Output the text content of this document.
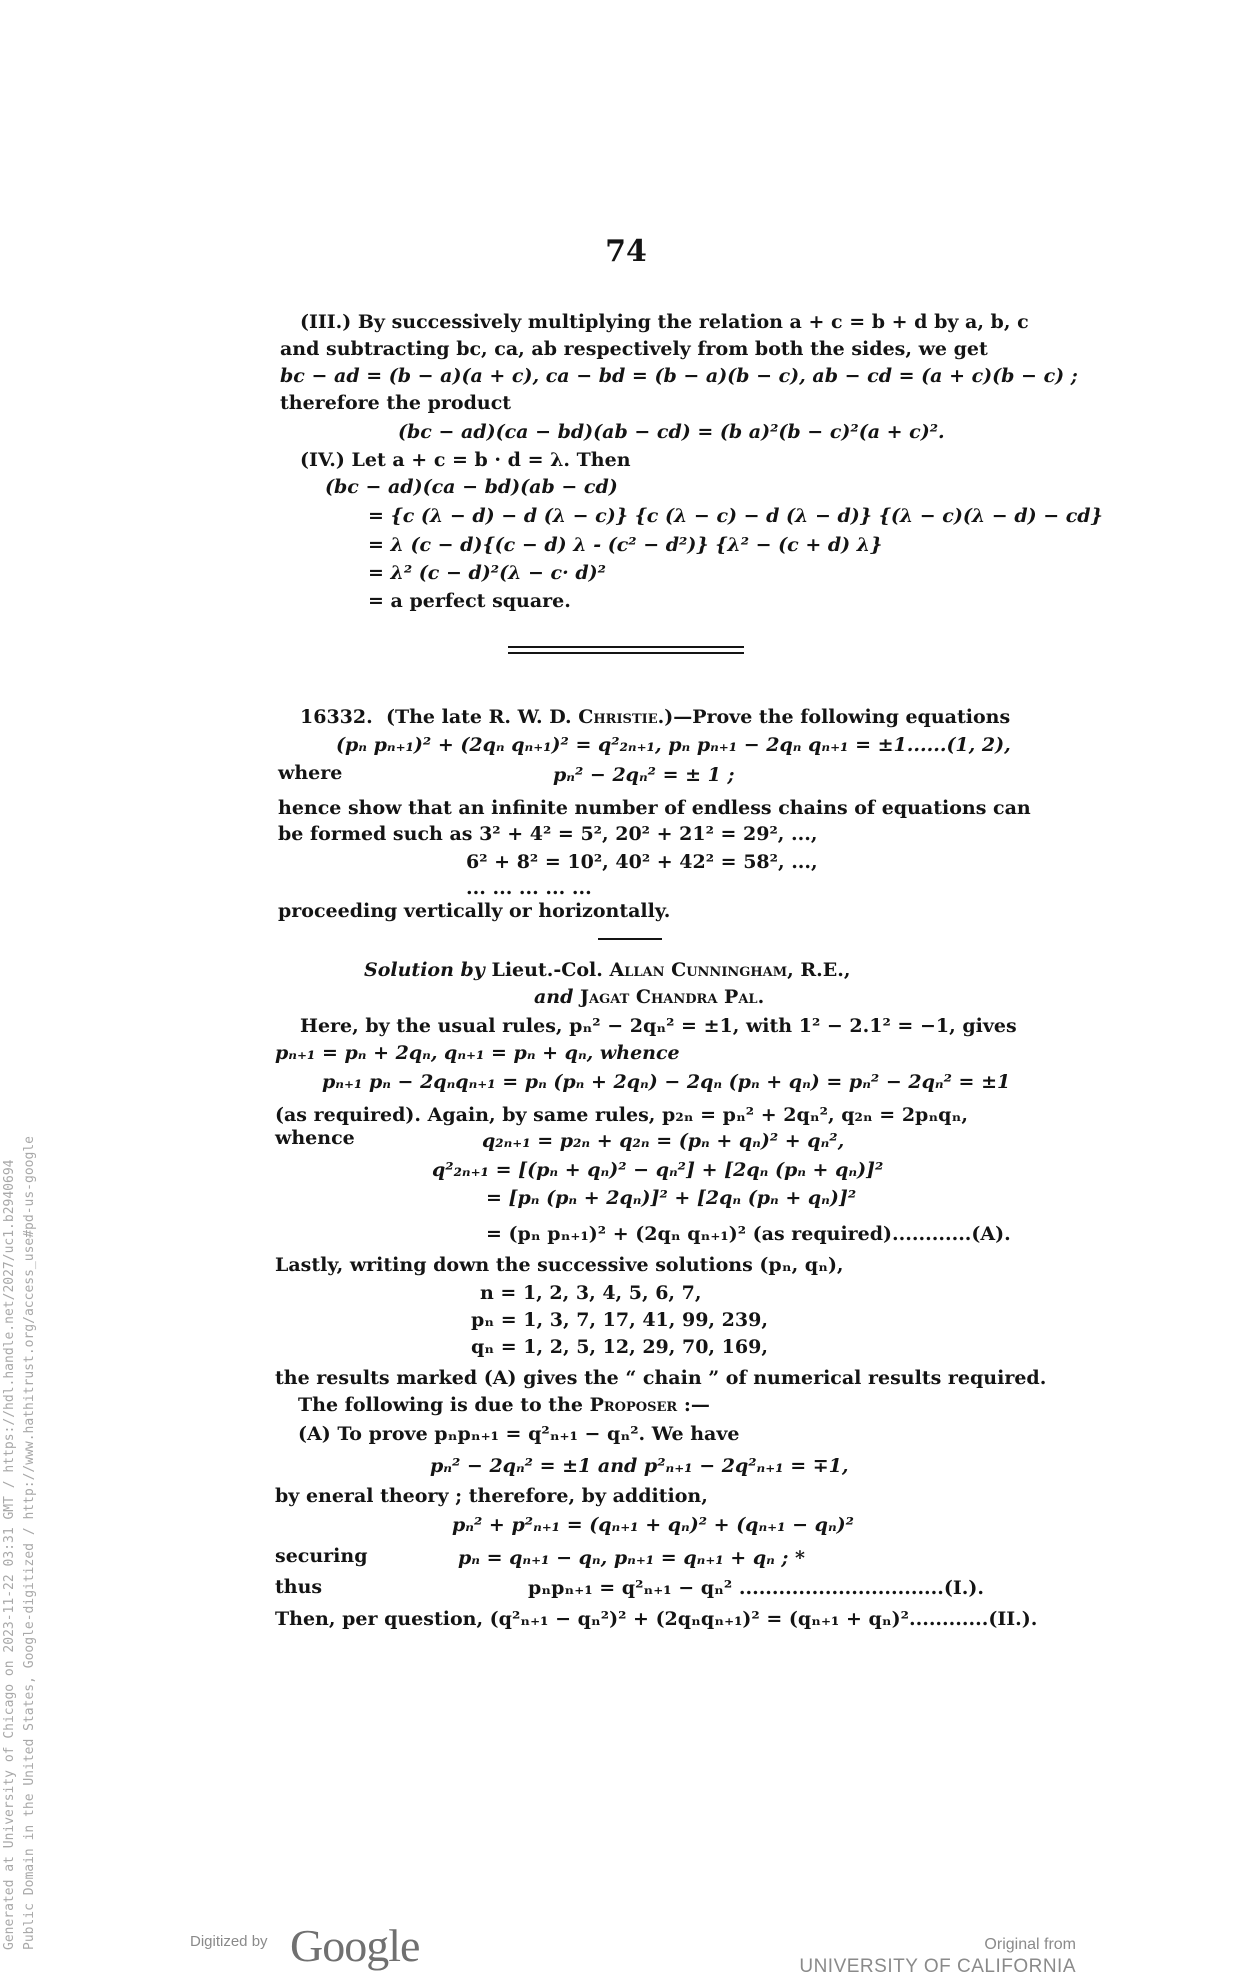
74
(III.) By successively multiplying the relation a + c = b + d by a, b, c
and subtracting bc, ca, ab respectively from both the sides, we get
bc − ad = (b − a)(a + c), ca − bd = (b − a)(b − c), ab − cd = (a + c)(b − c) ;
therefore the product
(bc − ad)(ca − bd)(ab − cd) = (b a)²(b − c)²(a + c)².
(IV.) Let a + c = b · d = λ. Then
(bc − ad)(ca − bd)(ab − cd)
= {c (λ − d) − d (λ − c)} {c (λ − c) − d (λ − d)} {(λ − c)(λ − d) − cd}
= λ (c − d){(c − d) λ - (c² − d²)} {λ² − (c + d) λ}
= λ² (c − d)²(λ − c· d)²
= a perfect square.
16332. (The late R. W. D. Christie.)—Prove the following equations
(pₙ pₙ₊₁)² + (2qₙ qₙ₊₁)² = q²₂ₙ₊₁, pₙ pₙ₊₁ − 2qₙ qₙ₊₁ = ±1......(1, 2),
where	pₙ² − 2qₙ² = ± 1 ;
hence show that an infinite number of endless chains of equations can
be formed such as 3² + 4² = 5², 20² + 21² = 29², ...,
6² + 8² = 10², 40² + 42² = 58², ...,
... ... ... ... ...
proceeding vertically or horizontally.
Solution by Lieut.-Col. Allan Cunningham, R.E.,
and Jagat Chandra Pal.
Here, by the usual rules, pₙ² − 2qₙ² = ±1, with 1² − 2.1² = −1, gives
pₙ₊₁ = pₙ + 2qₙ, qₙ₊₁ = pₙ + qₙ, whence
pₙ₊₁ pₙ − 2qₙqₙ₊₁ = pₙ (pₙ + 2qₙ) − 2qₙ (pₙ + qₙ) = pₙ² − 2qₙ² = ±1
(as required). Again, by same rules, p₂ₙ = pₙ² + 2qₙ², q₂ₙ = 2pₙqₙ,
whence	q₂ₙ₊₁ = p₂ₙ + q₂ₙ = (pₙ + qₙ)² + qₙ²,
q²₂ₙ₊₁ = [(pₙ + qₙ)² − qₙ²] + [2qₙ (pₙ + qₙ)]²
= [pₙ (pₙ + 2qₙ)]² + [2qₙ (pₙ + qₙ)]²
= (pₙ pₙ₊₁)² + (2qₙ qₙ₊₁)² (as required)............(A).
Lastly, writing down the successive solutions (pₙ, qₙ),
n = 1, 2, 3, 4, 5, 6, 7,
pₙ = 1, 3, 7, 17, 41, 99, 239,
qₙ = 1, 2, 5, 12, 29, 70, 169,
the results marked (A) gives the “ chain ” of numerical results required.
The following is due to the Proposer :—
(A) To prove pₙpₙ₊₁ = q²ₙ₊₁ − qₙ². We have
pₙ² − 2qₙ² = ±1 and p²ₙ₊₁ − 2q²ₙ₊₁ = ∓1,
by eneral theory ; therefore, by addition,
pₙ² + p²ₙ₊₁ = (qₙ₊₁ + qₙ)² + (qₙ₊₁ − qₙ)²
securing	pₙ = qₙ₊₁ − qₙ, pₙ₊₁ = qₙ₊₁ + qₙ ; *
thus	pₙpₙ₊₁ = q²ₙ₊₁ − qₙ² ...............................(I.).
Then, per question, (q²ₙ₊₁ − qₙ²)² + (2qₙqₙ₊₁)² = (qₙ₊₁ + qₙ)²............(II.).
Generated at University of Chicago on 2023-11-22 03:31 GMT / https://hdl.handle.net/2027/uc1.b2940694 Public Domain in the United States, Google-digitized / http://www.hathitrust.org/access_use#pd-us-google	Digitized by Google	Original from
UNIVERSITY OF CALIFORNIA
